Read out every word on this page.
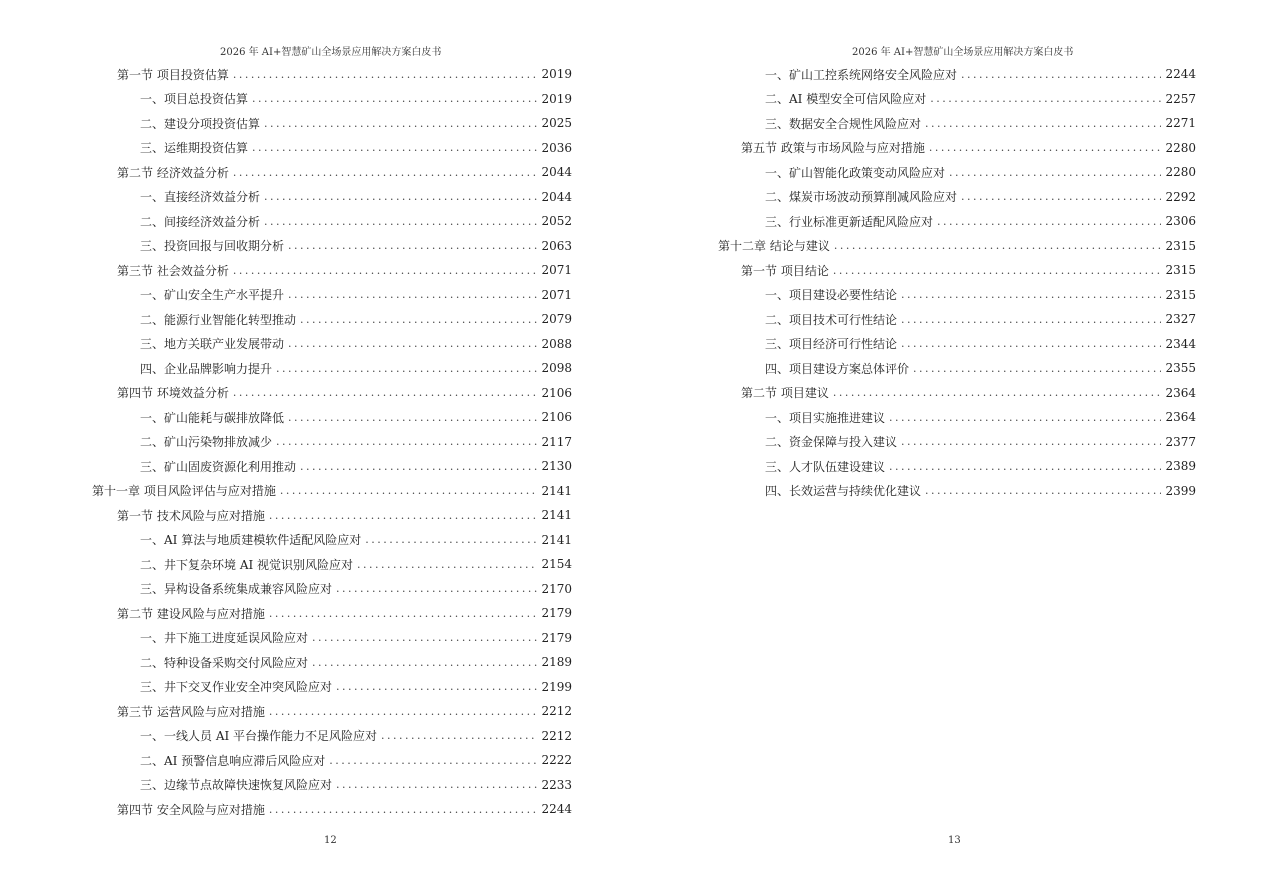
2026 年 AI+智慧矿山全场景应用解决方案白皮书
第一节 项目投资估算 .....	2019
一、项目总投资估算 .....	2019
二、建设分项投资估算 .....	2025
三、运维期投资估算 .....	2036
第二节 经济效益分析 .....	2044
一、直接经济效益分析 .....	2044
二、间接经济效益分析 .....	2052
三、投资回报与回收期分析 .....	2063
第三节 社会效益分析 .....	2071
一、矿山安全生产水平提升 .....	2071
二、能源行业智能化转型推动 .....	2079
三、地方关联产业发展带动 .....	2088
四、企业品牌影响力提升 .....	2098
第四节 环境效益分析 .....	2106
一、矿山能耗与碳排放降低 .....	2106
二、矿山污染物排放减少 .....	2117
三、矿山固废资源化利用推动 .....	2130
第十一章 项目风险评估与应对措施 .....	2141
第一节 技术风险与应对措施 .....	2141
一、AI 算法与地质建模软件适配风险应对 .....	2141
二、井下复杂环境 AI 视觉识别风险应对 .....	2154
三、异构设备系统集成兼容风险应对 .....	2170
第二节 建设风险与应对措施 .....	2179
一、井下施工进度延误风险应对 .....	2179
二、特种设备采购交付风险应对 .....	2189
三、井下交叉作业安全冲突风险应对 .....	2199
第三节 运营风险与应对措施 .....	2212
一、一线人员 AI 平台操作能力不足风险应对 .....	2212
二、AI 预警信息响应滞后风险应对 .....	2222
三、边缘节点故障快速恢复风险应对 .....	2233
第四节 安全风险与应对措施 .....	2244
12
2026 年 AI+智慧矿山全场景应用解决方案白皮书
一、矿山工控系统网络安全风险应对 .....	2244
二、AI 模型安全可信风险应对 .....	2257
三、数据安全合规性风险应对 .....	2271
第五节 政策与市场风险与应对措施 .....	2280
一、矿山智能化政策变动风险应对 .....	2280
二、煤炭市场波动预算削减风险应对 .....	2292
三、行业标准更新适配风险应对 .....	2306
第十二章 结论与建议 .....	2315
第一节 项目结论 .....	2315
一、项目建设必要性结论 .....	2315
二、项目技术可行性结论 .....	2327
三、项目经济可行性结论 .....	2344
四、项目建设方案总体评价 .....	2355
第二节 项目建议 .....	2364
一、项目实施推进建议 .....	2364
二、资金保障与投入建议 .....	2377
三、人才队伍建设建议 .....	2389
四、长效运营与持续优化建议 .....	2399
13
